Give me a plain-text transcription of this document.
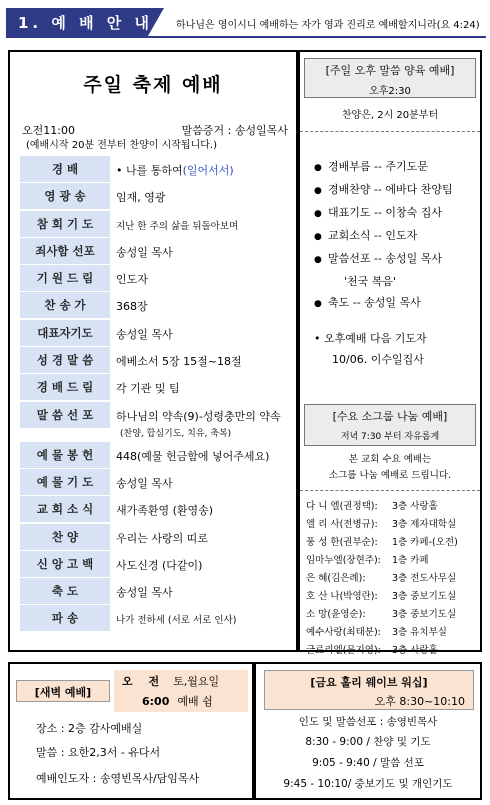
1. 예 배 안 내	하나님은 영이시니 예배하는 자가 영과 진리로 예배할지니라(요 4:24)
주일 축제 예배
오전11:00	말씀증거 : 송성일목사
(예배시작 20분 전부터 찬양이 시작됩니다.)
경 배	• 나를 통하여(일어서서)
영 광 송	임재, 영광
참 회 기 도	지난 한 주의 삶을 뒤돌아보며
죄사함 선포	송성일 목사
기 원 드 림	인도자
찬 송 가	368장
대표자기도	송성일 목사
성 경 말 씀	에베소서 5장 15절~18절
경 배 드 림	각 기관 및 팀
말 씀 선 포	하나님의 약속(9)-성령충만의 약속
(찬양, 합심기도, 치유, 축복)
예 물 봉 헌	448(예물 헌금함에 넣어주세요)
예 물 기 도	송성일 목사
교 회 소 식	새가족환영 (환영송)
찬 양	우리는 사랑의 띠로
신 앙 고 백	사도신경 (다같이)
축 도	송성일 목사
파 송	나가 전하세 (서로 서로 인사)
[주일 오후 말씀 양육 예배]
오후2:30
찬양은, 2시 20분부터
● 경배부름 -- 주기도문
● 경배찬양 -- 에바다 찬양팀
● 대표기도 -- 이창숙 집사
● 교회소식 -- 인도자
● 말씀선포 -- 송성일 목사
'천국 복음'
● 축도 -- 송성일 목사
• 오후예배 다음 기도자
10/06. 이수일집사
[수요 소그룹 나눔 예배]
저녁 7:30 부터 자유롭게
본 교회 수요 예배는
소그룹 나눔 예배로 드립니다.
다 니 엘(권정택): 3층 사랑홀
엘 리 사(전병규): 3층 제자대학실
풍 성 한(권부순): 1층 카페-(오전)
임마누엘(장현주): 1층 카페
은 혜(김은례):	3층 전도사무실
호 산 나(박영란): 3층 중보기도실
소 망(윤영순):	3층 중보기도실
예수사랑(최태분): 3층 유치부실
글로리엘(문지영): 3층 사랑홀
[새벽 예배]
오 전 토,월요일
6:00 예배 쉼
장소 : 2층 감사예배실
말씀 : 요한2,3서 - 유다서
예배인도자 : 송영빈목사/담임목사
[금요 홀리 웨이브 워십]
오후 8:30~10:10
인도 및 말씀선포 : 송영빈목사
8:30 - 9:00 / 찬양 및 기도
9:05 - 9:40 / 말씀 선포
9:45 - 10:10/ 중보기도 및 개인기도
